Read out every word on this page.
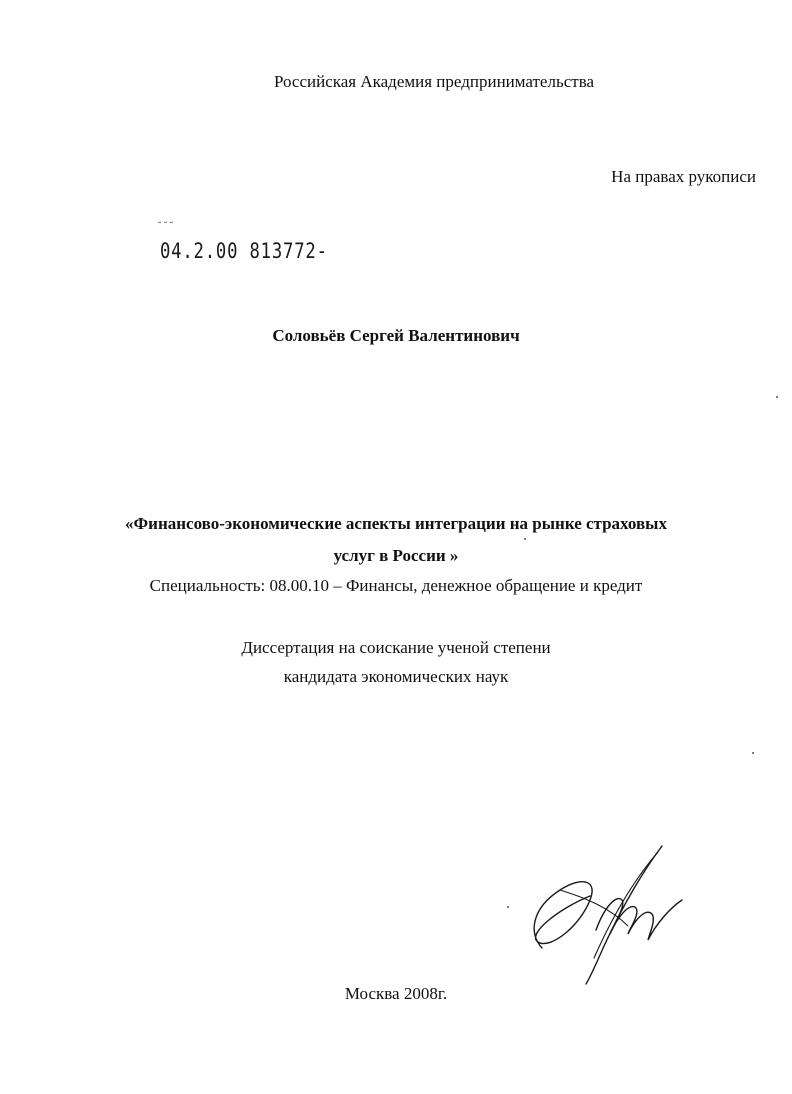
Российская Академия предпринимательства
На правах рукописи
˘ ˘ ˘
04.2.00 813772-
Соловьёв Сергей Валентинович
«Финансово-экономические аспекты интеграции на рынке страховых
услуг в России »
Специальность: 08.00.10 – Финансы, денежное обращение и кредит
Диссертация на соискание ученой степени
кандидата экономических наук
Москва 2008г.
